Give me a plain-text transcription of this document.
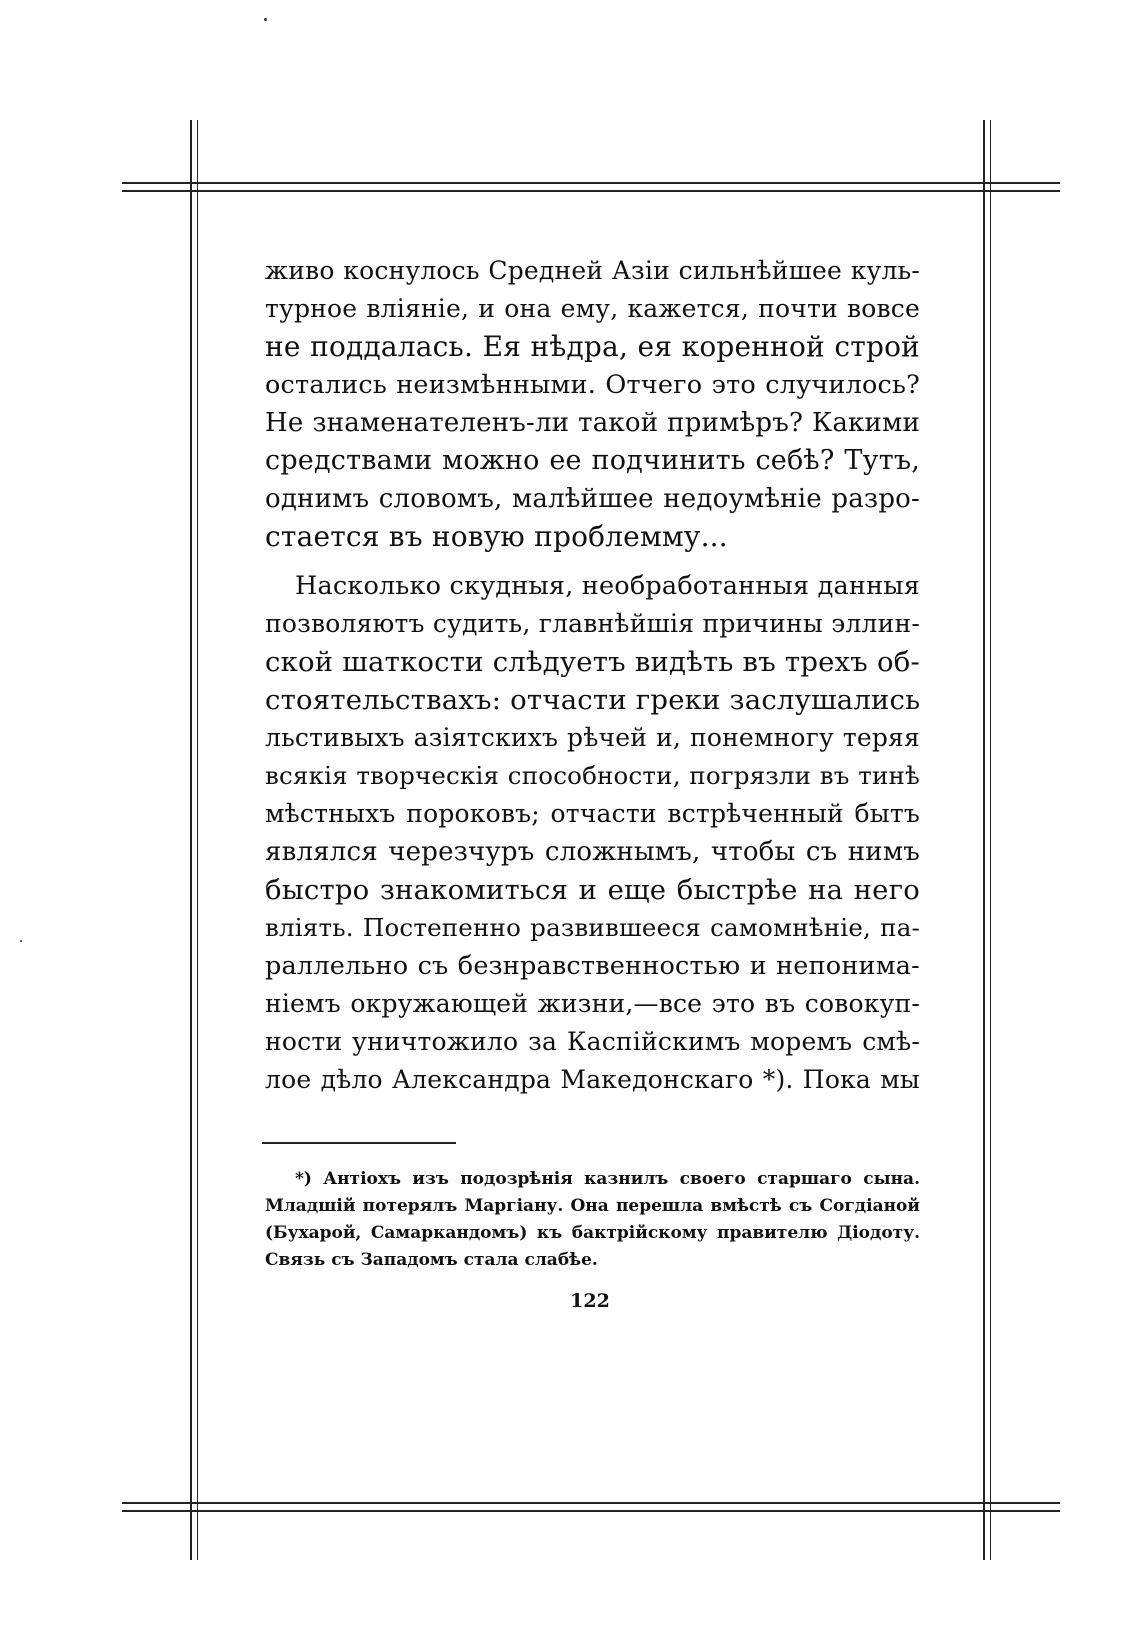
живо коснулось Средней Азіи сильнѣйшее куль-
турное вліяніе, и она ему, кажется, почти вовсе
не поддалась. Ея нѣдра, ея коренной строй
остались неизмѣнными. Отчего это случилось?
Не знаменателенъ-ли такой примѣръ? Какими
средствами можно ее подчинить себѣ? Тутъ,
однимъ словомъ, малѣйшее недоумѣніе разро-
стается въ новую проблемму...
Насколько скудныя, необработанныя данныя
позволяютъ судить, главнѣйшія причины эллин-
ской шаткости слѣдуетъ видѣть въ трехъ об-
стоятельствахъ: отчасти греки заслушались
льстивыхъ азіятскихъ рѣчей и, понемногу теряя
всякія творческія способности, погрязли въ тинѣ
мѣстныхъ пороковъ; отчасти встрѣченный бытъ
являлся черезчуръ сложнымъ, чтобы съ нимъ
быстро знакомиться и еще быстрѣе на него
вліять. Постепенно развившееся самомнѣніе, па-
раллельно съ безнравственностью и непонима-
ніемъ окружающей жизни,—все это въ совокуп-
ности уничтожило за Каспійскимъ моремъ смѣ-
лое дѣло Александра Македонскаго *). Пока мы
*) Антіохъ изъ подозрѣнія казнилъ своего старшаго сына.
Младшій потерялъ Маргіану. Она перешла вмѣстѣ съ Согдіаной
(Бухарой, Самаркандомъ) къ бактрійскому правителю Діодоту.
Связь съ Западомъ стала слабѣе.
122
